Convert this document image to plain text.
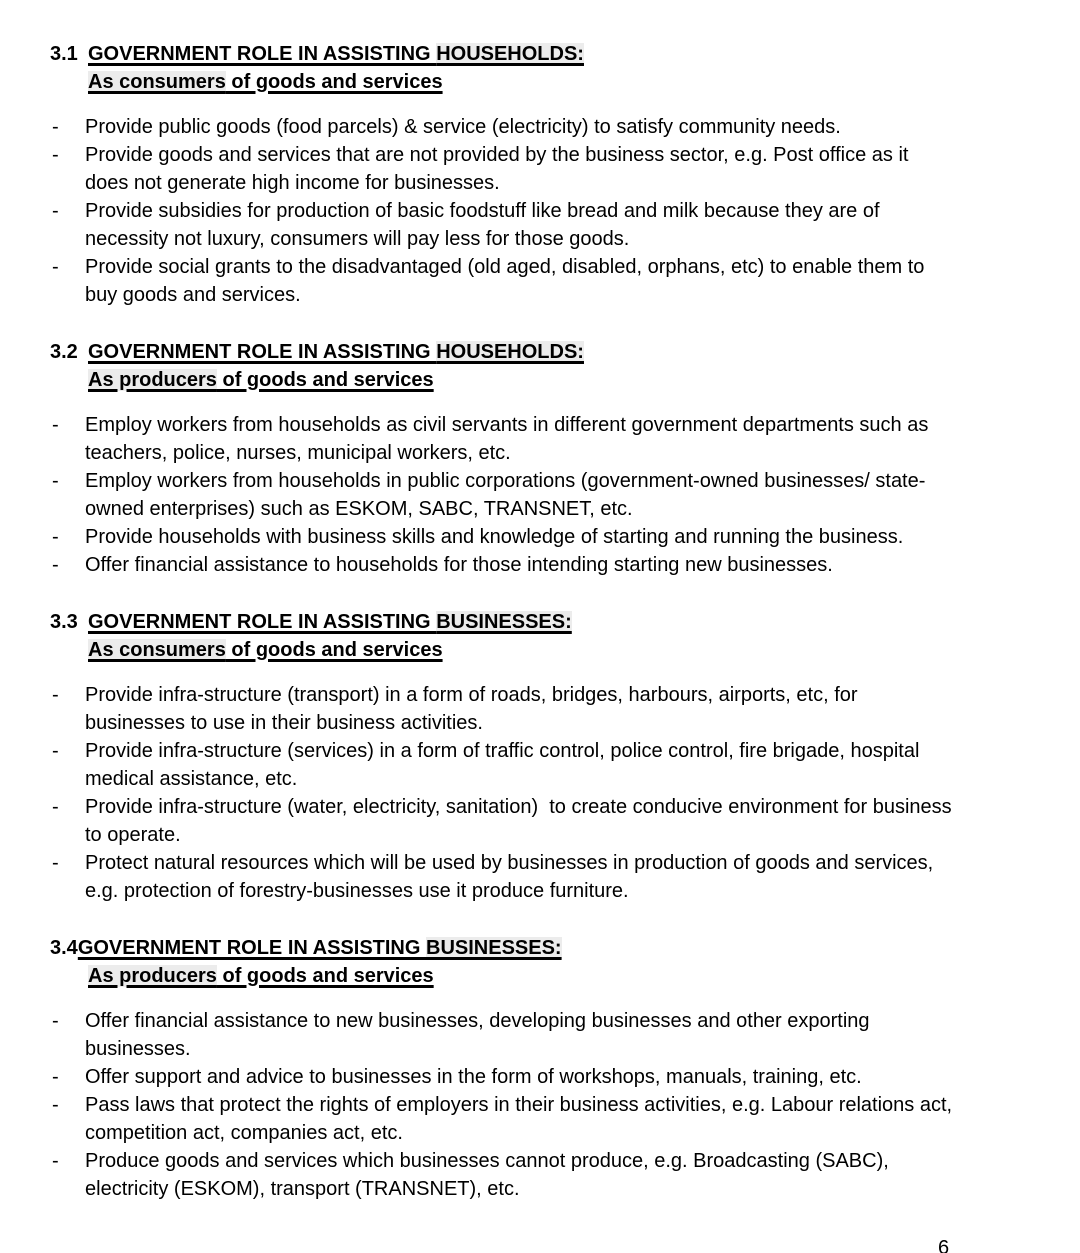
3.1 GOVERNMENT ROLE IN ASSISTING HOUSEHOLDS:
As consumers of goods and services
- Provide public goods (food parcels) & service (electricity) to satisfy community needs.
- Provide goods and services that are not provided by the business sector, e.g. Post office as it does not generate high income for businesses.
- Provide subsidies for production of basic foodstuff like bread and milk because they are of necessity not luxury, consumers will pay less for those goods.
- Provide social grants to the disadvantaged (old aged, disabled, orphans, etc) to enable them to buy goods and services.
3.2 GOVERNMENT ROLE IN ASSISTING HOUSEHOLDS:
As producers of goods and services
- Employ workers from households as civil servants in different government departments such as teachers, police, nurses, municipal workers, etc.
- Employ workers from households in public corporations (government-owned businesses/ state-owned enterprises) such as ESKOM, SABC, TRANSNET, etc.
- Provide households with business skills and knowledge of starting and running the business.
- Offer financial assistance to households for those intending starting new businesses.
3.3 GOVERNMENT ROLE IN ASSISTING BUSINESSES:
As consumers of goods and services
- Provide infra-structure (transport) in a form of roads, bridges, harbours, airports, etc, for businesses to use in their business activities.
- Provide infra-structure (services) in a form of traffic control, police control, fire brigade, hospital medical assistance, etc.
- Provide infra-structure (water, electricity, sanitation)  to create conducive environment for business to operate.
- Protect natural resources which will be used by businesses in production of goods and services, e.g. protection of forestry-businesses use it produce furniture.
3.4 GOVERNMENT ROLE IN ASSISTING BUSINESSES:
As producers of goods and services
- Offer financial assistance to new businesses, developing businesses and other exporting businesses.
- Offer support and advice to businesses in the form of workshops, manuals, training, etc.
- Pass laws that protect the rights of employers in their business activities, e.g. Labour relations act, competition act, companies act, etc.
- Produce goods and services which businesses cannot produce, e.g. Broadcasting (SABC), electricity (ESKOM), transport (TRANSNET), etc.
6
